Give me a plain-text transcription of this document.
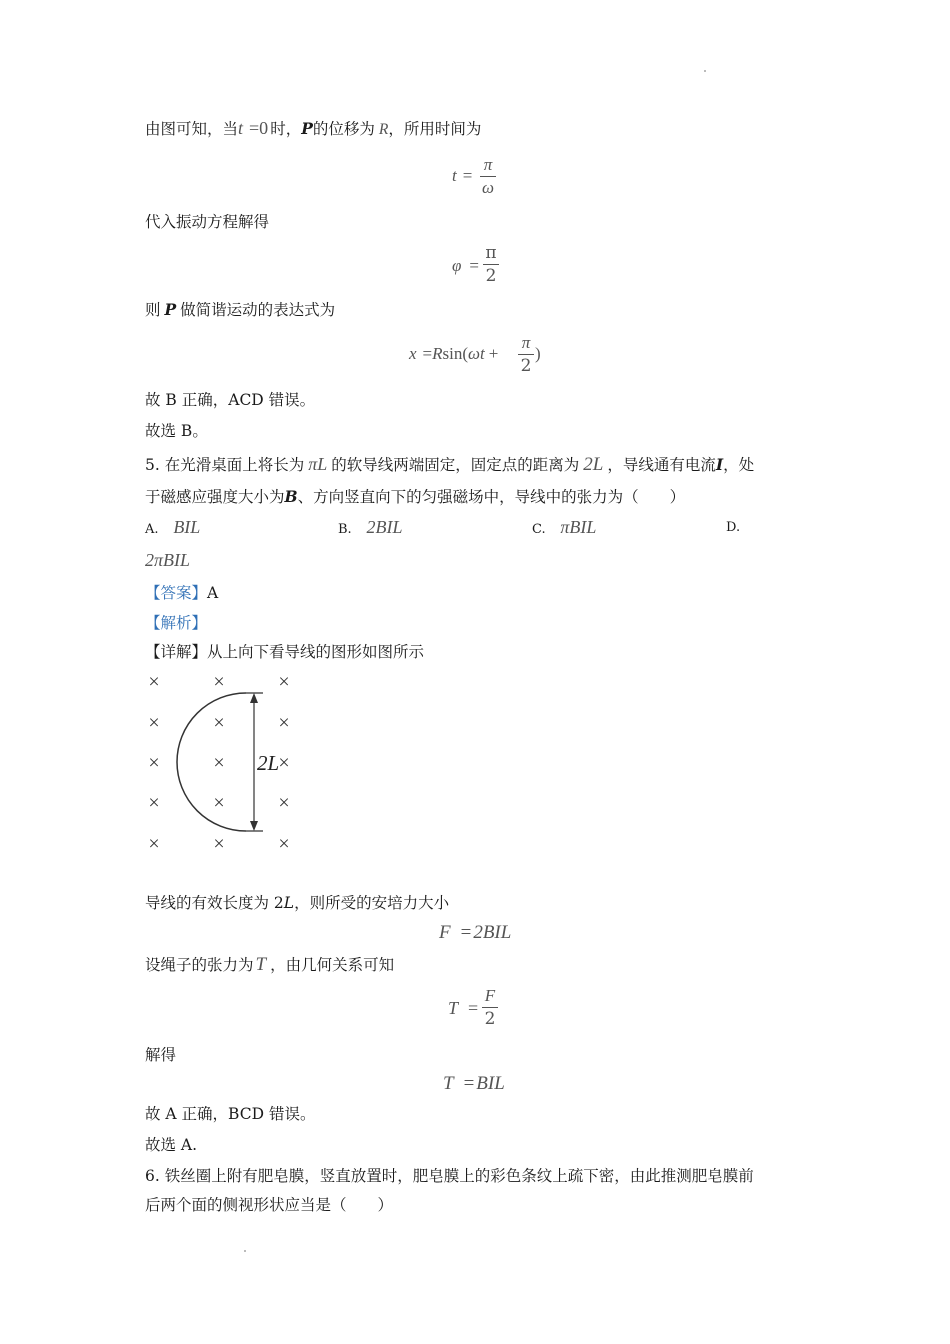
由图可知，当t =0 时，P的位移为 R，所用时间为
t =
π
ω
代入振动方程解得
φ =
π
2
则 P 做简谐运动的表达式为
x =Rsin(ωt +
π
2
)
故 B 正确，ACD 错误。
故选 B。
5. 在光滑桌面上将长为 πL 的软导线两端固定，固定点的距离为 2L ，导线通有电流I，处
于磁感应强度大小为B、方向竖直向下的匀强磁场中，导线中的张力为（　　）
A. BIL	B. 2BIL	C. πBIL	D.
2πBIL
【答案】A
【解析】
【详解】从上向下看导线的图形如图所示
×
×
×
×
×
×
×
×
×
×
×
×
×
×
×
2L
导线的有效长度为 2L，则所受的安培力大小
F = 2BIL
设绳子的张力为 T ，由几何关系可知
T =
F
2
解得
T = BIL
故 A 正确，BCD 错误。
故选 A.
6. 铁丝圈上附有肥皂膜，竖直放置时，肥皂膜上的彩色条纹上疏下密，由此推测肥皂膜前
后两个面的侧视形状应当是（　　）
